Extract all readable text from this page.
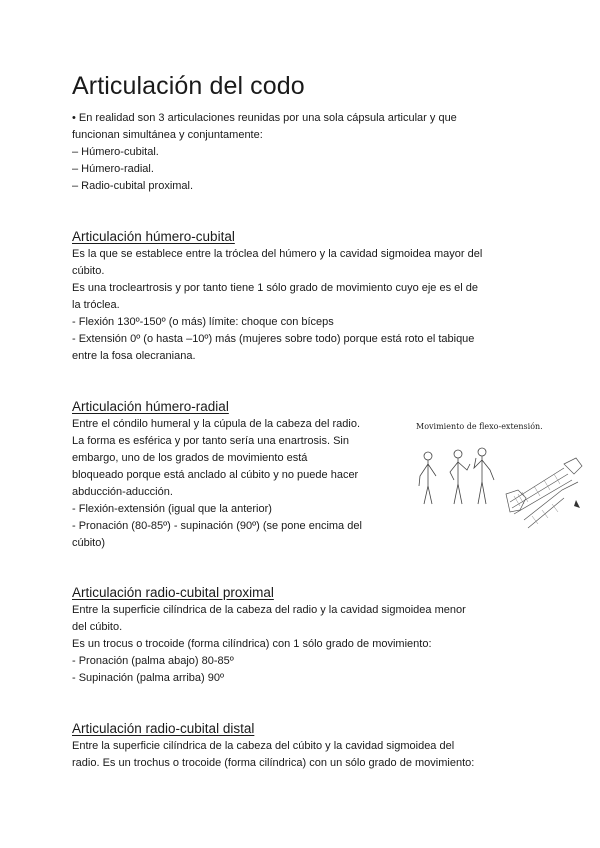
Articulación del codo
• En realidad son 3 articulaciones reunidas por una sola cápsula articular y que
funcionan simultánea y conjuntamente:
– Húmero-cubital.
– Húmero-radial.
– Radio-cubital proximal.
Articulación húmero-cubital
Es la que se establece entre la tróclea del húmero y la cavidad sigmoidea mayor del
cúbito.
Es una trocleartrosis y por tanto tiene 1 sólo grado de movimiento cuyo eje es el de
la tróclea.
- Flexión 130º-150º (o más) límite: choque con bíceps
- Extensión 0º (o hasta –10º) más (mujeres sobre todo) porque está roto el tabique
entre la fosa olecraniana.
Articulación húmero-radial
Entre el cóndilo humeral y la cúpula de la cabeza del radio.
La forma es esférica y por tanto sería una enartrosis. Sin
embargo, uno de los grados de movimiento está
bloqueado porque está anclado al cúbito y no puede hacer
abducción-aducción.
- Flexión-extensión (igual que la anterior)
- Pronación (80-85º) - supinación (90º) (se pone encima del
cúbito)
Articulación radio-cubital proximal
Entre la superficie cilíndrica de la cabeza del radio y la cavidad sigmoidea menor
del cúbito.
Es un trocus o trocoide (forma cilíndrica) con 1 sólo grado de movimiento:
- Pronación (palma abajo) 80-85º
- Supinación (palma arriba) 90º
Articulación radio-cubital distal
Entre la superficie cilíndrica de la cabeza del cúbito y la cavidad sigmoidea del
radio. Es un trochus o trocoide (forma cilíndrica) con un sólo grado de movimiento:
Movimiento de flexo-extensión.
